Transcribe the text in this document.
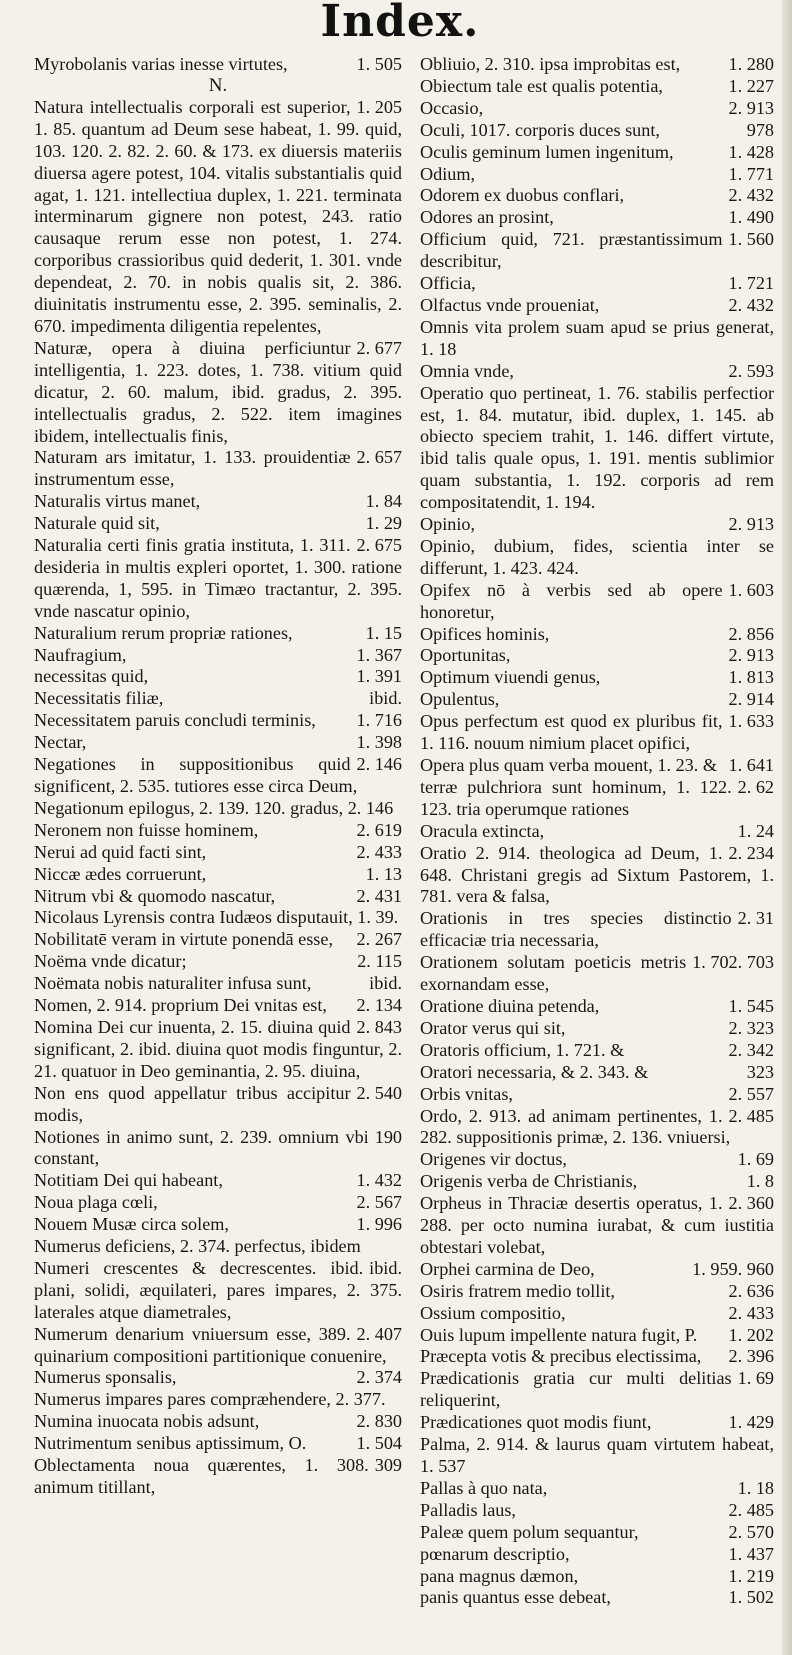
Index.
1. 505
Myrobolanis varias inesse virtutes,
N.
1. 205
Natura intellectualis corporali est superior, 1. 85. quantum ad Deum sese habeat, 1. 99. quid, 103. 120. 2. 82. 2. 60. & 173. ex diuersis materiis diuersa agere potest, 104. vitalis substantialis quid agat, 1. 121. intellectiua duplex, 1. 221. terminata interminarum gignere non potest, 243. ratio causaque rerum esse non potest, 1. 274. corporibus crassioribus quid dederit, 1. 301. vnde dependeat, 2. 70. in nobis qualis sit, 2. 386. diuinitatis instrumentu esse, 2. 395. seminalis, 2. 670. impedimenta diligentia repelentes,
2. 677
Naturæ, opera à diuina perficiuntur intelligentia, 1. 223. dotes, 1. 738. vitium quid dicatur, 2. 60. malum, ibid. gradus, 2. 395. intellectualis gradus, 2. 522. item imagines ibidem, intellectualis finis,
2. 657
Naturam ars imitatur, 1. 133. prouidentiæ instrumentum esse,
1. 84
Naturalis virtus manet,
1. 29
Naturale quid sit,
2. 675
Naturalia certi finis gratia instituta, 1. 311. desideria in multis expleri oportet, 1. 300. ratione quærenda, 1, 595. in Timæo tractantur, 2. 395. vnde nascatur opinio,
1. 15
Naturalium rerum propriæ rationes,
1. 367
Naufragium,
1. 391
necessitas quid,
ibid.
Necessitatis filiæ,
1. 716
Necessitatem paruis concludi terminis,
1. 398
Nectar,
2. 146
Negationes in suppositionibus quid significent, 2. 535. tutiores esse circa Deum,
Negationum epilogus, 2. 139. 120. gradus, 2. 146
2. 619
Neronem non fuisse hominem,
2. 433
Nerui ad quid facti sint,
1. 13
Niccæ ædes corruerunt,
2. 431
Nitrum vbi & quomodo nascatur,
Nicolaus Lyrensis contra Iudæos disputauit, 1. 39.
2. 267
Nobilitatē veram in virtute ponendā esse,
2. 115
Noëma vnde dicatur;
ibid.
Noëmata nobis naturaliter infusa sunt,
2. 134
Nomen, 2. 914. proprium Dei vnitas est,
2. 843
Nomina Dei cur inuenta, 2. 15. diuina quid significant, 2. ibid. diuina quot modis finguntur, 2. 21. quatuor in Deo geminantia, 2. 95. diuina,
2. 540
Non ens quod appellatur tribus accipitur modis,
190
Notiones in animo sunt, 2. 239. omnium vbi constant,
1. 432
Notitiam Dei qui habeant,
2. 567
Noua plaga cœli,
1. 996
Nouem Musæ circa solem,
Numerus deficiens, 2. 374. perfectus, ibidem
ibid.
Numeri crescentes & decrescentes. ibid. plani, solidi, æquilateri, pares impares, 2. 375. laterales atque diametrales,
2. 407
Numerum denarium vniuersum esse, 389. quinarium compositioni partitionique conuenire,
2. 374
Numerus sponsalis,
Numerus impares pares compræhendere, 2. 377.
2. 830
Numina inuocata nobis adsunt,
1. 504
Nutrimentum senibus aptissimum, O.
309
Oblectamenta noua quærentes, 1. 308. animum titillant,
1. 280
Obliuio, 2. 310. ipsa improbitas est,
1. 227
Obiectum tale est qualis potentia,
2. 913
Occasio,
978
Oculi, 1017. corporis duces sunt,
1. 428
Oculis geminum lumen ingenitum,
1. 771
Odium,
2. 432
Odorem ex duobus conflari,
1. 490
Odores an prosint,
1. 560
Officium quid, 721. præstantissimum describitur,
1. 721
Officia,
2. 432
Olfactus vnde proueniat,
Omnis vita prolem suam apud se prius generat, 1. 18
2. 593
Omnia vnde,
Operatio quo pertineat, 1. 76. stabilis perfectior est, 1. 84. mutatur, ibid. duplex, 1. 145. ab obiecto speciem trahit, 1. 146. differt virtute, ibid talis quale opus, 1. 191. mentis sublimior quam substantia, 1. 192. corporis ad rem compositatendit, 1. 194.
2. 913
Opinio,
Opinio, dubium, fides, scientia inter se differunt, 1. 423. 424.
1. 603
Opifex nō à verbis sed ab opere honoretur,
2. 856
Opifices hominis,
2. 913
Oportunitas,
1. 813
Optimum viuendi genus,
2. 914
Opulentus,
1. 633
Opus perfectum est quod ex pluribus fit, 1. 116. nouum nimium placet opifici,
1. 641
Opera plus quam verba mouent, 1. 23. &
2. 62
terræ pulchriora sunt hominum, 1. 122. 123. tria operumque rationes
1. 24
Oracula extincta,
2. 234
Oratio 2. 914. theologica ad Deum, 1. 648. Christani gregis ad Sixtum Pastorem, 1. 781. vera & falsa,
2. 31
Orationis in tres species distinctio efficaciæ tria necessaria,
1. 702. 703
Orationem solutam poeticis metris exornandam esse,
1. 545
Oratione diuina petenda,
2. 323
Orator verus qui sit,
2. 342
Oratoris officium, 1. 721. &
323
Oratori necessaria, & 2. 343. &
2. 557
Orbis vnitas,
2. 485
Ordo, 2. 913. ad animam pertinentes, 1. 282. suppositionis primæ, 2. 136. vniuersi,
1. 69
Origenes vir doctus,
1. 8
Origenis verba de Christianis,
2. 360
Orpheus in Thraciæ desertis operatus, 1. 288. per octo numina iurabat, & cum iustitia obtestari volebat,
1. 959. 960
Orphei carmina de Deo,
2. 636
Osiris fratrem medio tollit,
2. 433
Ossium compositio,
1. 202
Ouis lupum impellente natura fugit, P.
2. 396
Præcepta votis & precibus electissima,
1. 69
Prædicationis gratia cur multi delitias reliquerint,
1. 429
Prædicationes quot modis fiunt,
Palma, 2. 914. & laurus quam virtutem habeat, 1. 537
1. 18
Pallas à quo nata,
2. 485
Palladis laus,
2. 570
Paleæ quem polum sequantur,
1. 437
pœnarum descriptio,
1. 219
pana magnus dæmon,
1. 502
panis quantus esse debeat,
